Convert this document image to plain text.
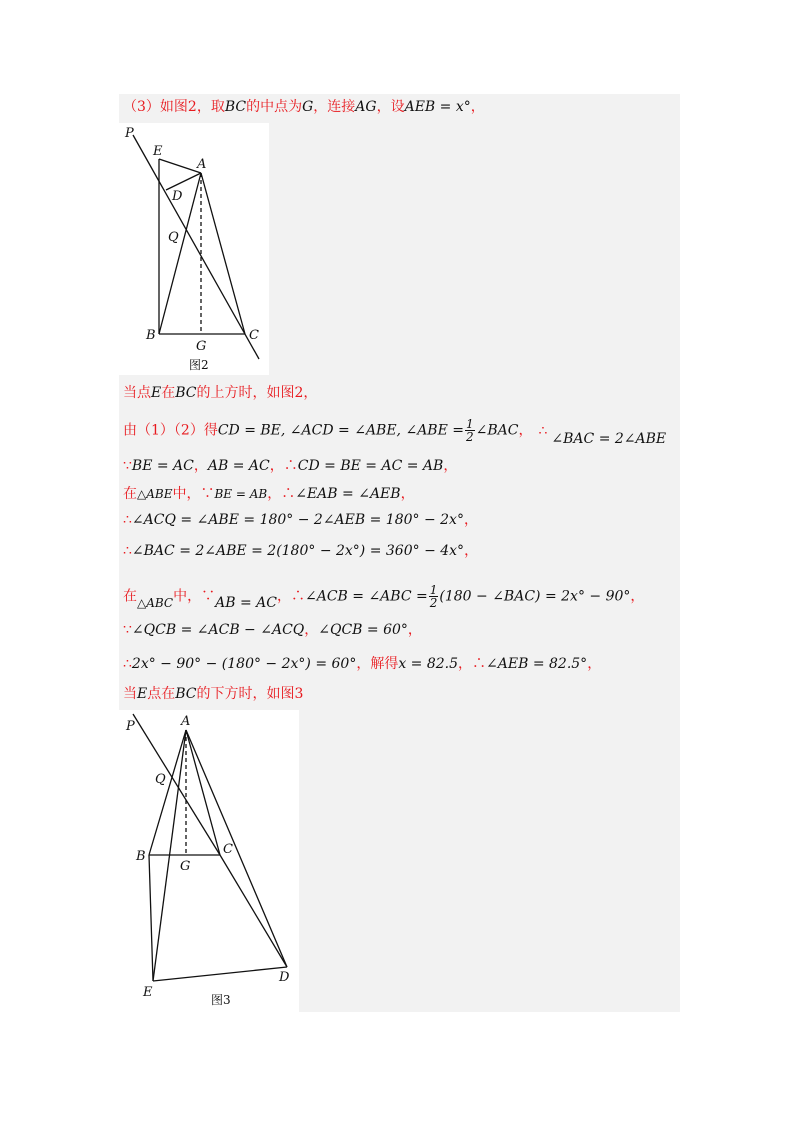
（3）如图2，取BC的中点为G，连接AG，设AEB = x°，
P
E
A
D
Q
B	C
G
图2
当点E在BC的上方时，如图2，
由（1）（2）得CD = BE, ∠ACD = ∠ABE, ∠ABE = $\frac{1}{2}$ ∠BAC， ∴ ∠BAC = 2∠ABE
∵BE = AC，AB = AC，∴CD = BE = AC = AB，
在△ABE中，∵BE = AB，∴∠EAB = ∠AEB，
∴∠ACQ = ∠ABE = 180° − 2∠AEB = 180° − 2x°，
∴∠BAC = 2∠ABE = 2(180° − 2x°) = 360° − 4x°，
在△ABC中，∵AB = AC，∴∠ACB = ∠ABC = $\frac{1}{2} (180$ − ∠BAC) = 2x° − 90°，
∵∠QCB = ∠ACB − ∠ACQ，∠QCB = 60°，
∴2x° − 90° − (180° − 2x°) = 60°，解得x = 82.5，∴∠AEB = 82.5°，
当E点在BC的下方时，如图3
P	A
Q
B	C
G
E
D
图3
